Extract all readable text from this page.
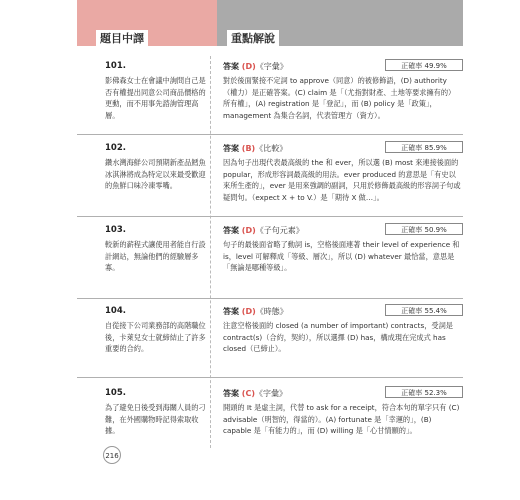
題目中譯	重點解說
101.
影佛森女士在會議中詢問自己是否有權提出同意公司商品價格的更動，而不用事先諮詢管理高層。
答案 (D)《字彙》	正確率 49.9%
對於後面緊接不定詞 to approve（同意）的被修飾語，(D) authority（權力）是正確答案。(C) claim 是「（尤指對財產、土地等要求擁有的）所有權」，(A) registration 是「登記」，而 (B) policy 是「政策」，management 為集合名詞，代表管理方（資方）。
102.
鑽水灣海鮮公司預期新產品鱈魚冰淇淋將成為特定以來最受歡迎的魚鮮口味冷凍零嘴。
答案 (B)《比較》	正確率 85.9%
因為句子出現代表最高級的 the 和 ever，所以選 (B) most 來連接後面的 popular，形成形容詞最高級的用法。ever produced 的意思是「有史以來所生產的」，ever 是用來強調的副詞，只用於修飾最高級的形容詞子句或疑問句。（expect X + to V.）是「期待 X 做…」。
103.
較新的薪程式讓使用者能自行設計網站，無論他們的經驗層多寡。
答案 (D)《子句元素》	正確率 50.9%
句子的最後面省略了動詞 is，空格後面連著 their level of experience 和 is，level 可解釋成「等級、層次」，所以 (D) whatever 最恰當，意思是「無論是哪種等級」。
104.
自從接下公司業務部的高階職位後，卡萊兒女士就締結止了許多重要的合約。
答案 (D)《時態》	正確率 55.4%
注意空格後面的 closed (a number of important) contracts，受詞是 contract(s)（合約，契約），所以選擇 (D) has，構成現在完成式 has closed（已締止）。
105.
為了避免日後受到海關人員的刁難，在外國購物時記得索取收據。
答案 (C)《字彙》	正確率 52.3%
開頭的 It 是虛主詞，代替 to ask for a receipt，符合本句的單字只有 (C) advisable（明智的，得當的）。(A) fortunate 是「幸運的」，(B) capable 是「有能力的」，而 (D) willing 是「心甘情願的」。
216
